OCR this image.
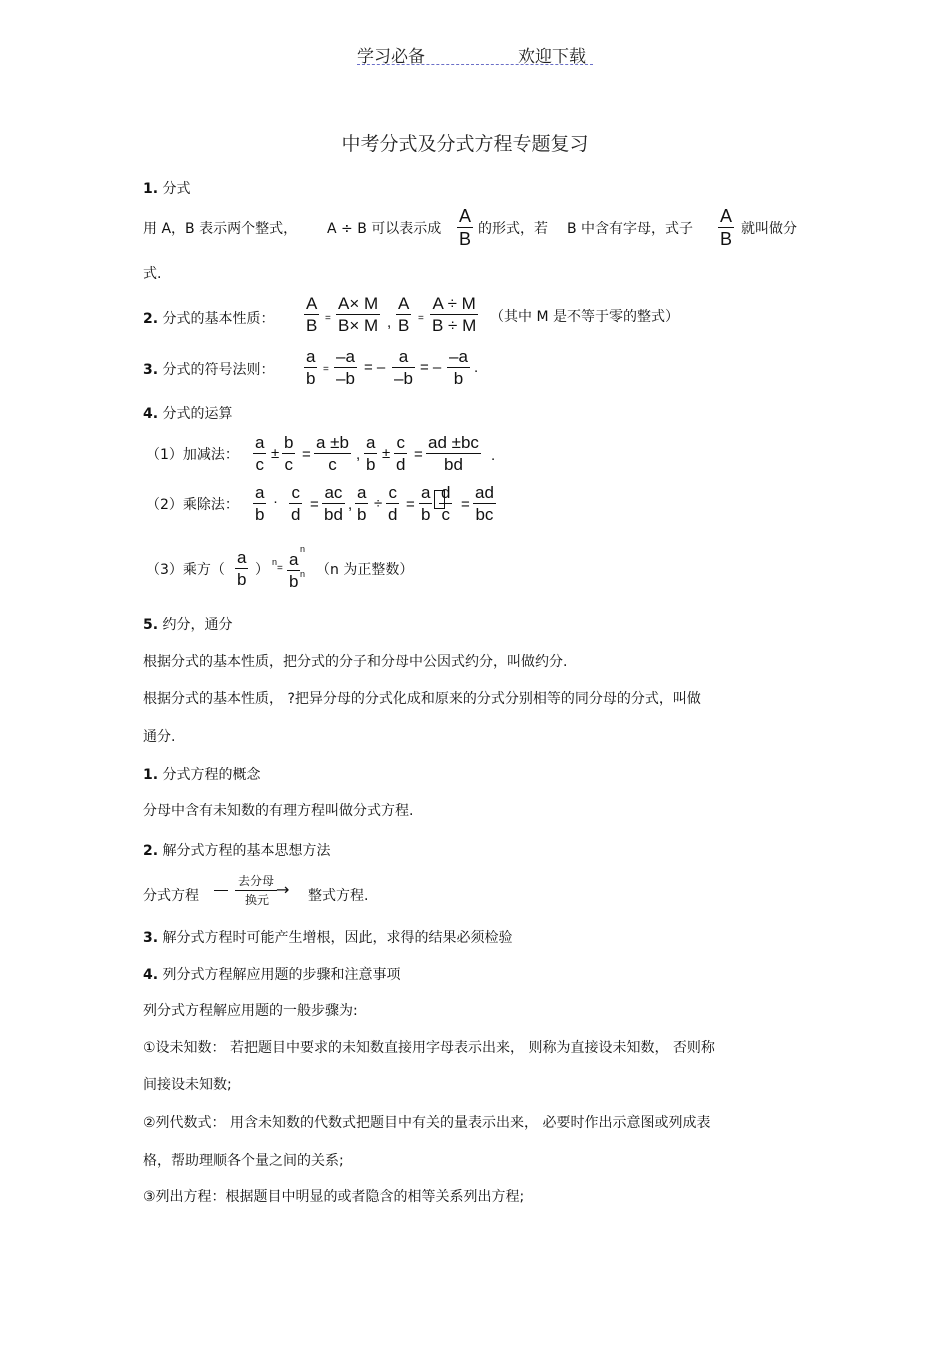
学习必备	欢迎下载
中考分式及分式方程专题复习
1. 分式
用 A，B 表示两个整式， A ÷ B 可以表示成
A
B 的形式，若 B 中含有字母，式子
A
B 就叫做分
式.
2. 分式的基本性质：
A
B =
A× M
B× M ,
A
B =
A ÷ M
B ÷ M （其中 M 是不等于零的整式）
3. 分式的符号法则：
a
b =
–a
–b
= –
a
–b
= –
–a
b
.
4. 分式的运算
（1）加减法：
a
c
±
b
c
=
a ±b
c
,
a
b
±
c
d
=
ad ±bc
bd .
（2）乘除法：
a
b
· c
d
=
ac
bd
,
a
b
÷
c
d
=
a
b
d
c
=
ad
bc
（3）乘方（
a
b ） n
= a
b
n
n （n 为正整数）
5. 约分，通分
根据分式的基本性质，把分式的分子和分母中公因式约分，叫做约分.
根据分式的基本性质， ?把异分母的分式化成和原来的分式分别相等的同分母的分式，叫做
通分.
1. 分式方程的概念
分母中含有未知数的有理方程叫做分式方程.
2. 解分式方程的基本思想方法
分式方程
去分母 →
换元	整式方程.
3. 解分式方程时可能产生增根，因此，求得的结果必须检验
4. 列分式方程解应用题的步骤和注意事项
列分式方程解应用题的一般步骤为:
①设未知数： 若把题目中要求的未知数直接用字母表示出来， 则称为直接设未知数， 否则称
间接设未知数;
②列代数式： 用含未知数的代数式把题目中有关的量表示出来， 必要时作出示意图或列成表
格，帮助理顺各个量之间的关系;
③列出方程：根据题目中明显的或者隐含的相等关系列出方程;
